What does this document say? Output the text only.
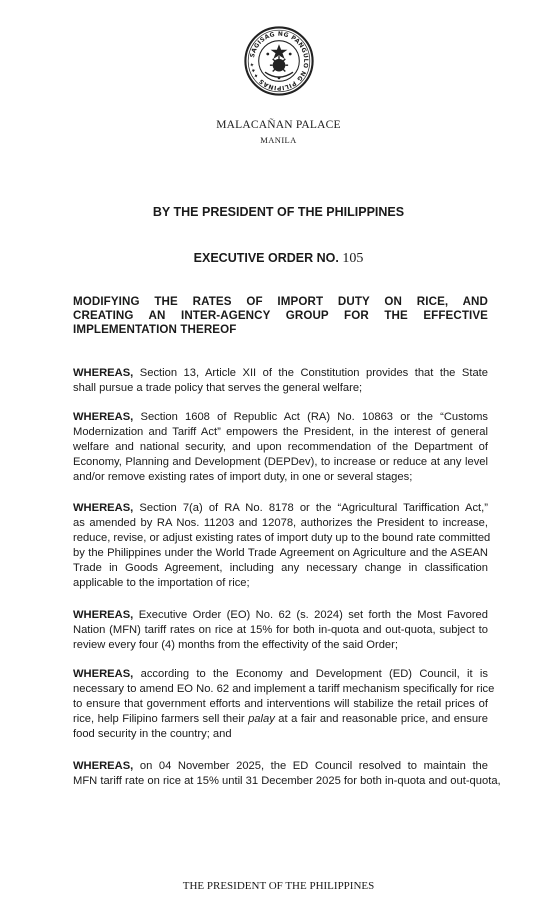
SAGISAG NG PANGULO NG PILIPINAS ✦✦✦
MALACAÑAN PALACE
MANILA
BY THE PRESIDENT OF THE PHILIPPINES
EXECUTIVE ORDER NO. 105
MODIFYING THE RATES OF IMPORT DUTY ON RICE, AND
CREATING AN INTER-AGENCY GROUP FOR THE EFFECTIVE
IMPLEMENTATION THEREOF
WHEREAS, Section 13, Article XII of the Constitution provides that the State
shall pursue a trade policy that serves the general welfare;
WHEREAS, Section 1608 of Republic Act (RA) No. 10863 or the “Customs
Modernization and Tariff Act” empowers the President, in the interest of general
welfare and national security, and upon recommendation of the Department of
Economy, Planning and Development (DEPDev), to increase or reduce at any level
and/or remove existing rates of import duty, in one or several stages;
WHEREAS, Section 7(a) of RA No. 8178 or the “Agricultural Tariffication Act,”
as amended by RA Nos. 11203 and 12078, authorizes the President to increase,
reduce, revise, or adjust existing rates of import duty up to the bound rate committed
by the Philippines under the World Trade Agreement on Agriculture and the ASEAN
Trade in Goods Agreement, including any necessary change in classification
applicable to the importation of rice;
WHEREAS, Executive Order (EO) No. 62 (s. 2024) set forth the Most Favored
Nation (MFN) tariff rates on rice at 15% for both in-quota and out-quota, subject to
review every four (4) months from the effectivity of the said Order;
WHEREAS, according to the Economy and Development (ED) Council, it is
necessary to amend EO No. 62 and implement a tariff mechanism specifically for rice
to ensure that government efforts and interventions will stabilize the retail prices of
rice, help Filipino farmers sell their palay at a fair and reasonable price, and ensure
food security in the country; and
WHEREAS, on 04 November 2025, the ED Council resolved to maintain the
MFN tariff rate on rice at 15% until 31 December 2025 for both in-quota and out-quota,
THE PRESIDENT OF THE PHILIPPINES
